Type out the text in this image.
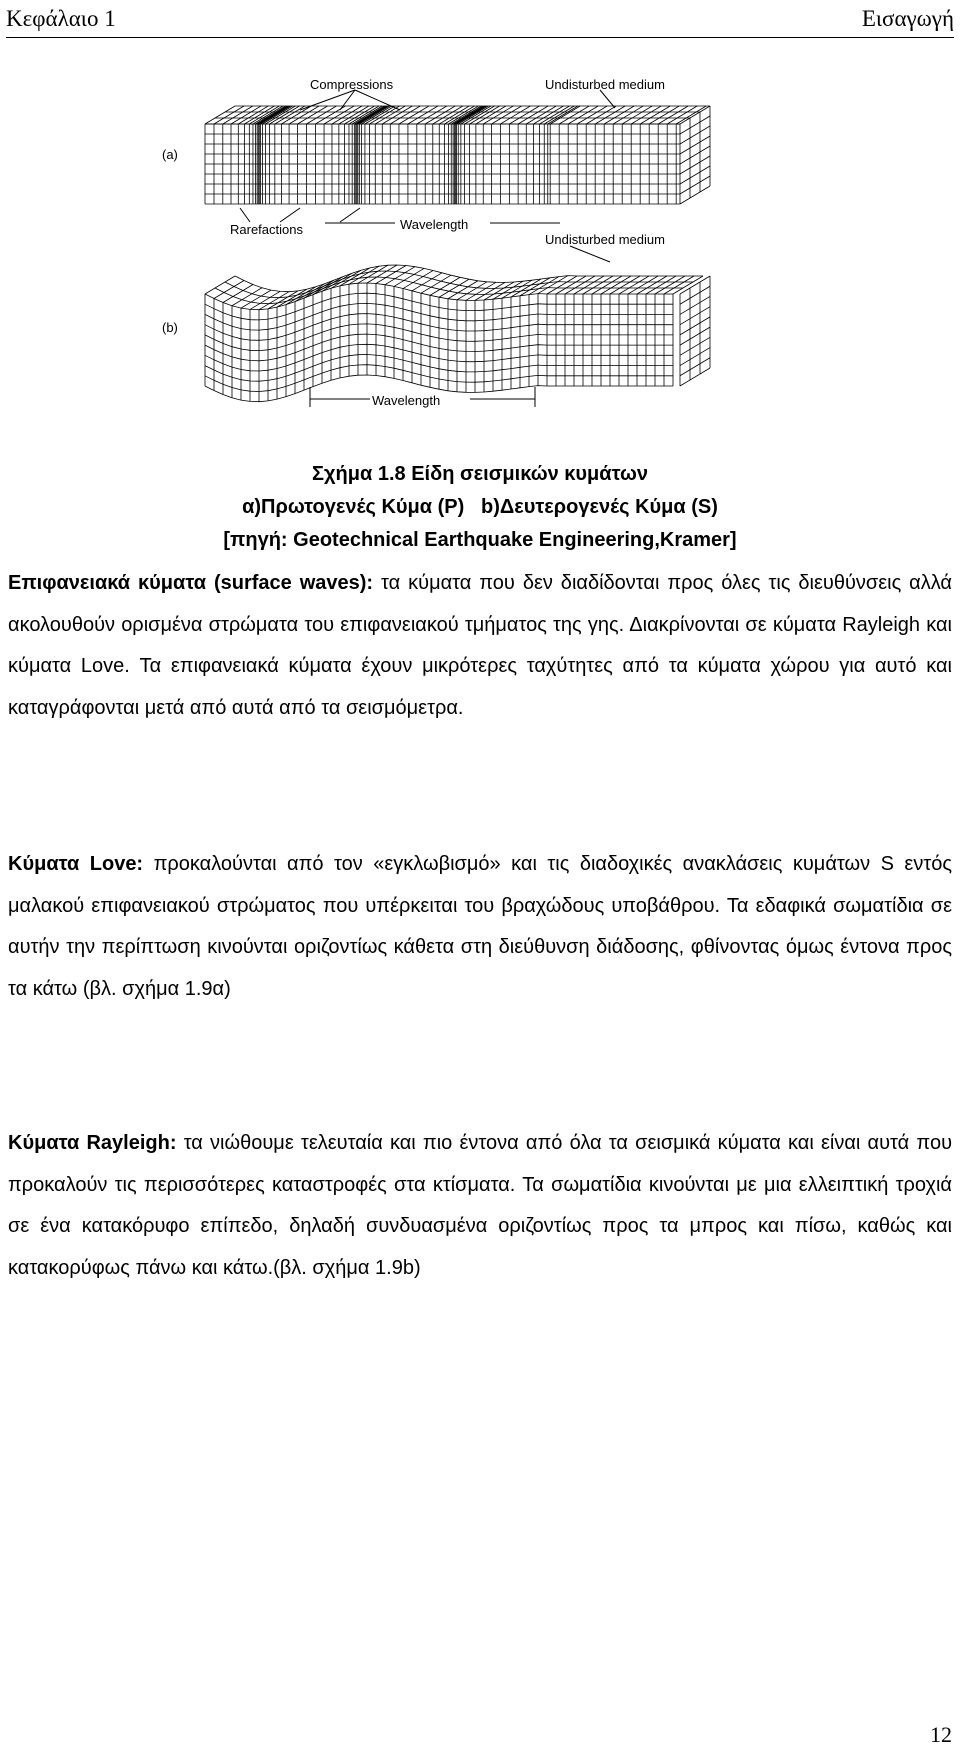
Κεφάλαιο 1	Εισαγωγή
(a)
(b)
Compressions	Undisturbed medium
Rarefactions	Wavelength
Undisturbed medium
Wavelength
Σχήμα 1.8 Είδη σεισμικών κυμάτων
α)Πρωτογενές Κύμα (P)   b)Δευτερογενές Κύμα (S)
[πηγή: Geotechnical Earthquake Engineering,Kramer]
Επιφανειακά κύματα (surface waves): τα κύματα που δεν διαδίδονται προς όλες τις διευθύνσεις αλλά ακολουθούν ορισμένα στρώματα του επιφανειακού τμήματος της γης. Διακρίνονται σε κύματα Rayleigh και κύματα Love. Τα επιφανειακά κύματα έχουν μικρότερες ταχύτητες από τα κύματα χώρου για αυτό και καταγράφονται μετά από αυτά από τα σεισμόμετρα.
Κύματα Love: προκαλούνται από τον «εγκλωβισμό» και τις διαδοχικές ανακλάσεις κυμάτων S εντός μαλακού επιφανειακού στρώματος που υπέρκειται του βραχώδους υποβάθρου. Τα εδαφικά σωματίδια σε αυτήν την περίπτωση κινούνται οριζοντίως κάθετα στη διεύθυνση διάδοσης, φθίνοντας όμως έντονα προς τα κάτω (βλ. σχήμα 1.9α)
Κύματα Rayleigh: τα νιώθουμε τελευταία και πιο έντονα από όλα τα σεισμικά κύματα και είναι αυτά που προκαλούν τις περισσότερες καταστροφές στα κτίσματα. Τα σωματίδια κινούνται με μια ελλειπτική τροχιά σε ένα κατακόρυφο επίπεδο, δηλαδή συνδυασμένα οριζοντίως προς τα μπρος και πίσω, καθώς και κατακορύφως πάνω και κάτω.(βλ. σχήμα 1.9b)
12
